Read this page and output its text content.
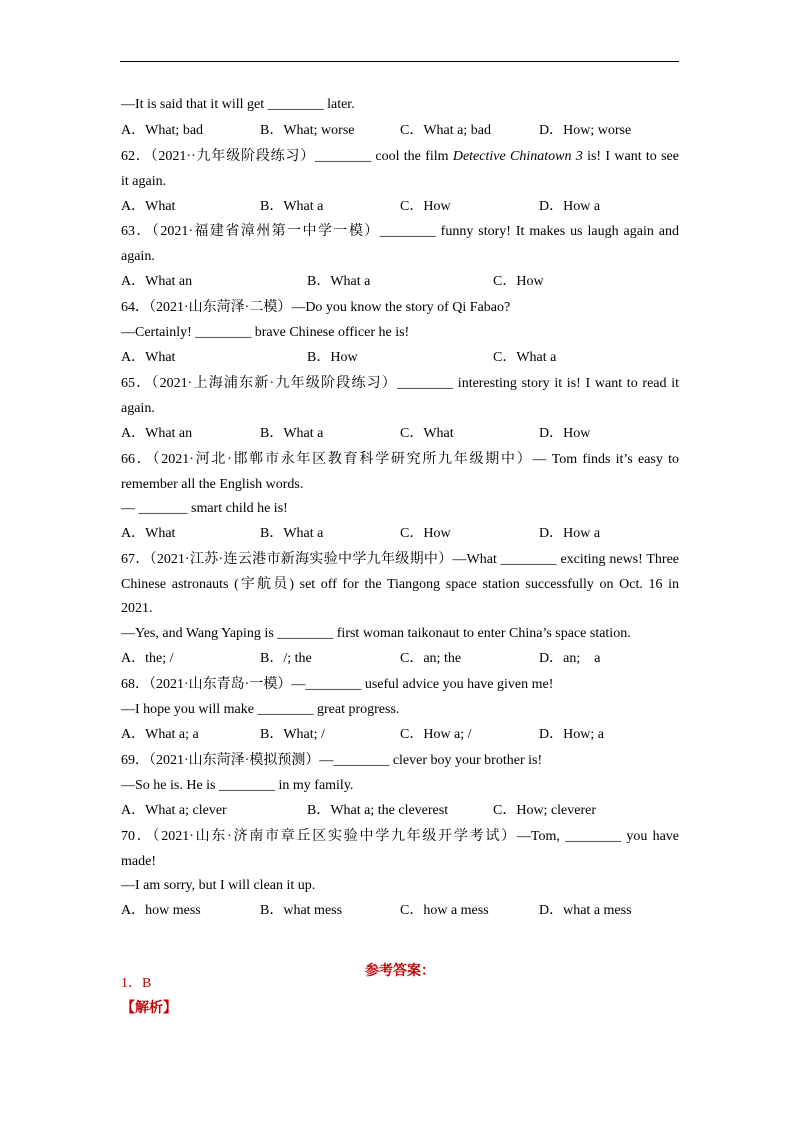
—It is said that it will get ________ later.
A．What; bad	B．What; worse	C．What a; bad	D．How; worse
62．（2021··九年级阶段练习）________ cool the film Detective Chinatown 3 is! I want to see
it again.
A．What	B．What a	C．How	D．How a
63．（2021·福建省漳州第一中学一模）________ funny story! It makes us laugh again and
again.
A．What an	B．What a	C．How
64．（2021·山东菏泽·二模）—Do you know the story of Qi Fabao?
—Certainly! ________ brave Chinese officer he is!
A．What	B．How	C．What a
65．（2021·上海浦东新·九年级阶段练习）________ interesting story it is! I want to read it
again.
A．What an	B．What a	C．What	D．How
66．（2021·河北·邯郸市永年区教育科学研究所九年级期中）— Tom finds it’s easy to
remember all the English words.
— _______ smart child he is!
A．What	B．What a	C．How	D．How a
67．（2021·江苏·连云港市新海实验中学九年级期中）—What ________ exciting news! Three
Chinese astronauts (宇航员) set off for the Tiangong space station successfully on Oct. 16 in
2021.
—Yes, and Wang Yaping is ________ first woman taikonaut to enter China’s space station.
A．the; /	B．/; the	C．an; the	D．an;　a
68．（2021·山东青岛·一模）—________ useful advice you have given me!
—I hope you will make ________ great progress.
A．What a; a	B．What; /	C．How a; /	D．How; a
69．（2021·山东菏泽·模拟预测）—________ clever boy your brother is!
—So he is. He is ________ in my family.
A．What a; clever	B．What a; the cleverest	C．How; cleverer
70．（2021·山东·济南市章丘区实验中学九年级开学考试）—Tom, ________ you have
made!
—I am sorry, but I will clean it up.
A．how mess	B．what mess	C．how a mess	D．what a mess
参考答案：
1．B
【解析】
